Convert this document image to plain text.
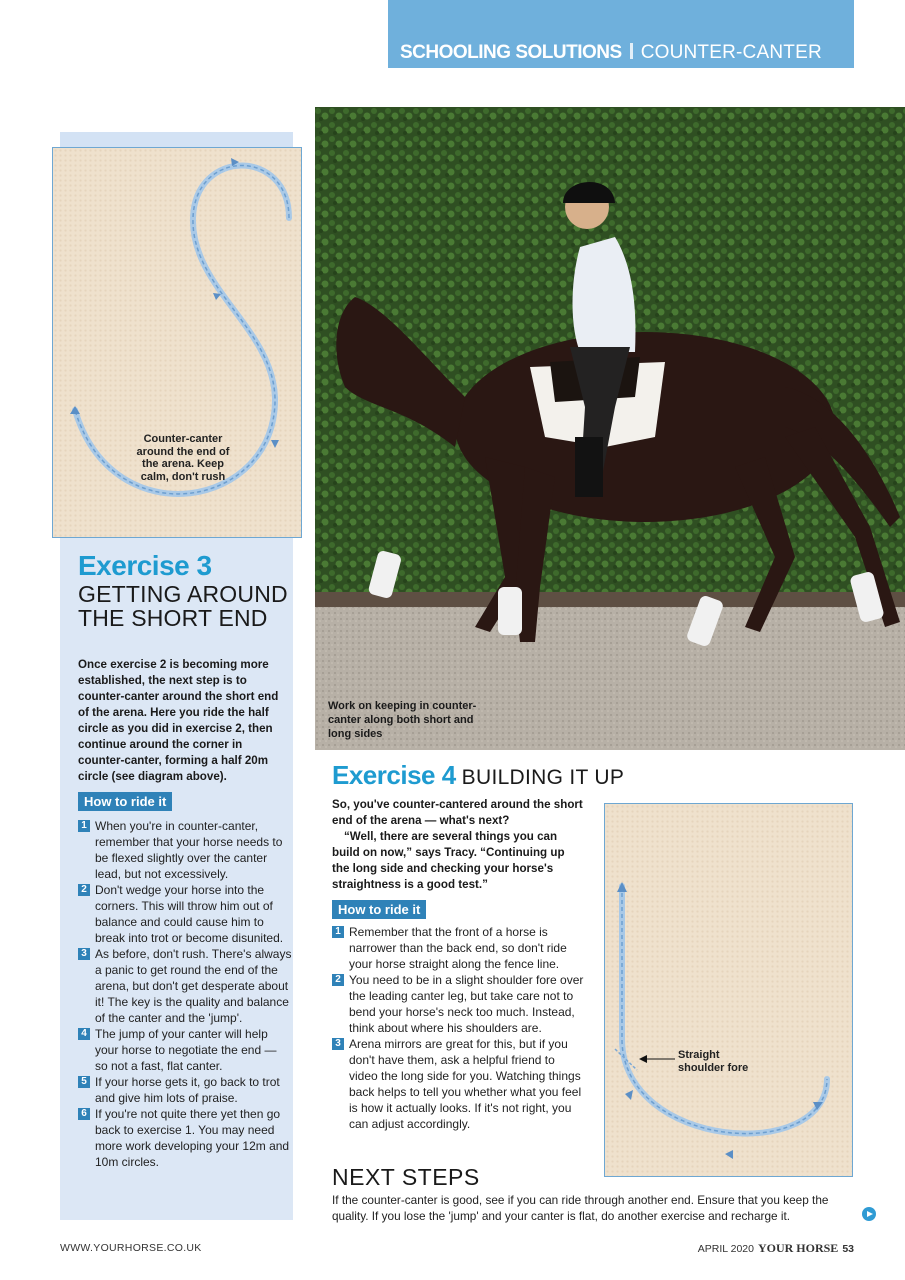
SCHOOLING SOLUTIONS COUNTER-CANTER
Counter-canter around the end of the arena. Keep calm, don't rush
Exercise 3
GETTING AROUND THE SHORT END
Once exercise 2 is becoming more established, the next step is to counter-canter around the short end of the arena. Here you ride the half circle as you did in exercise 2, then continue around the corner in counter-canter, forming a half 20m circle (see diagram above).
How to ride it
1 When you're in counter-canter, remember that your horse needs to be flexed slightly over the canter lead, but not excessively.
2 Don't wedge your horse into the corners. This will throw him out of balance and could cause him to break into trot or become disunited.
3 As before, don't rush. There's always a panic to get round the end of the arena, but don't get desperate about it! The key is the quality and balance of the canter and the 'jump'.
4 The jump of your canter will help your horse to negotiate the end — so not a fast, flat canter.
5 If your horse gets it, go back to trot and give him lots of praise.
6 If you're not quite there yet then go back to exercise 1. You may need more work developing your 12m and 10m circles.
Work on keeping in counter-canter along both short and long sides
Exercise 4 BUILDING IT UP
So, you've counter-cantered around the short end of the arena — what's next?
“Well, there are several things you can build on now,” says Tracy. “Continuing up the long side and checking your horse's straightness is a good test.”
How to ride it
1 Remember that the front of a horse is narrower than the back end, so don't ride your horse straight along the fence line.
2 You need to be in a slight shoulder fore over the leading canter leg, but take care not to bend your horse's neck too much. Instead, think about where his shoulders are.
3 Arena mirrors are great for this, but if you don't have them, ask a helpful friend to video the long side for you. Watching things back helps to tell you whether what you feel is how it actually looks. If it's not right, you can adjust accordingly.
Straight
shoulder fore
NEXT STEPS
If the counter-canter is good, see if you can ride through another end. Ensure that you keep the quality. If you lose the 'jump' and your canter is flat, do another exercise and recharge it.
WWW.YOURHORSE.CO.UK	APRIL 2020 YOUR HORSE 53
